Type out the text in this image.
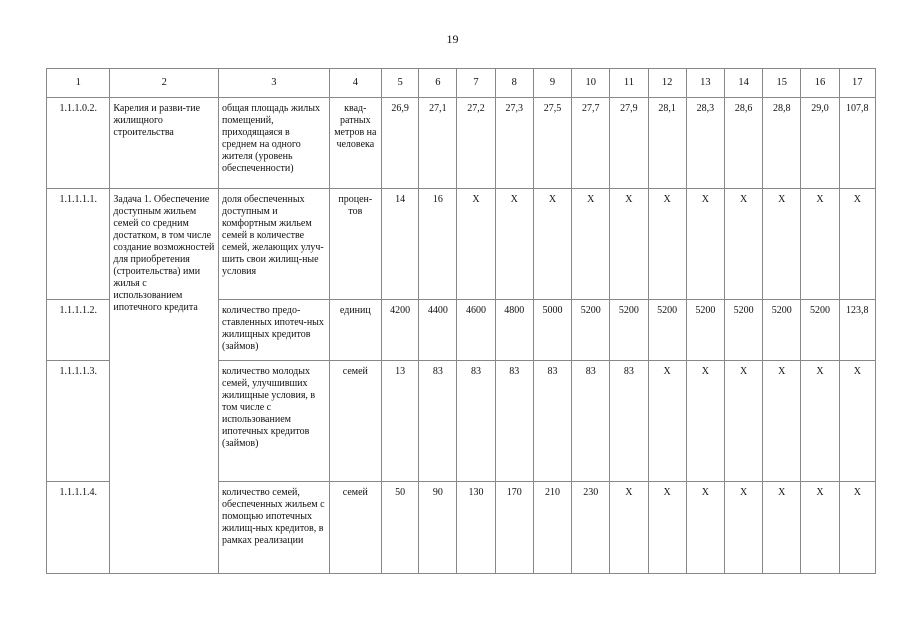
19
1	2	3	4	5	6	7	8	9	10	11	12	13	14	15	16	17
1.1.1.0.2.	Карелия и разви-тие жилищного строительства	общая площадь жилых помещений, приходящаяся в среднем на одного жителя (уровень обеспеченности)	квад-ратных метров на человека	26,9	27,1	27,2	27,3	27,5	27,7	27,9	28,1	28,3	28,6	28,8	29,0	107,8
1.1.1.1.1.	Задача 1. Обеспечение доступным жильем семей со средним достатком, в том числе создание возможностей для приобретения (строительства) ими жилья с использованием ипотечного кредита	доля обеспеченных доступным и комфортным жильем семей в количестве семей, желающих улуч-шить свои жилищ-ные условия	процен-тов	14	16	X	X	X	X	X	X	X	X	X	X	X
1.1.1.1.2.		количество предо-ставленных ипотеч-ных жилищных кредитов (займов)	единиц	4200	4400	4600	4800	5000	5200	5200	5200	5200	5200	5200	5200	123,8
1.1.1.1.3.		количество молодых семей, улучшивших жилищные условия, в том числе с использованием ипотечных кредитов (займов)	семей	13	83	83	83	83	83	83	X	X	X	X	X	X
1.1.1.1.4.		количество семей, обеспеченных жильем с помощью ипотечных жилищ-ных кредитов, в рамках реализации	семей	50	90	130	170	210	230	X	X	X	X	X	X	X
